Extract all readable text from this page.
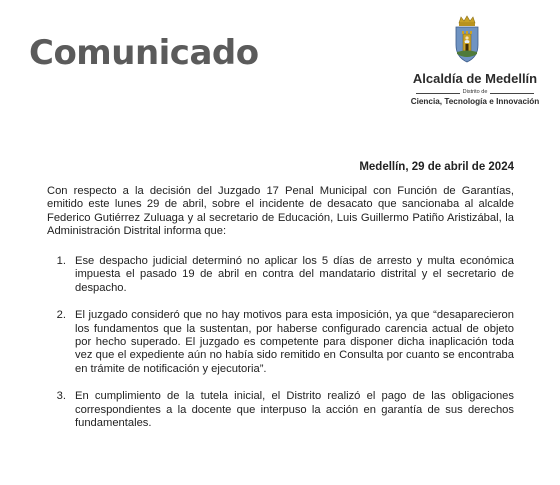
Comunicado
Alcaldía de Medellín
Distrito de
Ciencia, Tecnología e Innovación
Medellín, 29 de abril de 2024

Con respecto a la decisión del Juzgado 17 Penal Municipal con Función de Garantías, emitido este lunes 29 de abril, sobre el incidente de desacato que sancionaba al alcalde Federico Gutiérrez Zuluaga y al secretario de Educación, Luis Guillermo Patiño Aristizábal, la Administración Distrital informa que:

1. Ese despacho judicial determinó no aplicar los 5 días de arresto y multa económica impuesta el pasado 19 de abril en contra del mandatario distrital y el secretario de despacho.
2. El juzgado consideró que no hay motivos para esta imposición, ya que “desaparecieron los fundamentos que la sustentan, por haberse configurado carencia actual de objeto por hecho superado. El juzgado es competente para disponer dicha inaplicación toda vez que el expediente aún no había sido remitido en Consulta por cuanto se encontraba en trámite de notificación y ejecutoria”.
3. En cumplimiento de la tutela inicial, el Distrito realizó el pago de las obligaciones correspondientes a la docente que interpuso la acción en garantía de sus derechos fundamentales.
